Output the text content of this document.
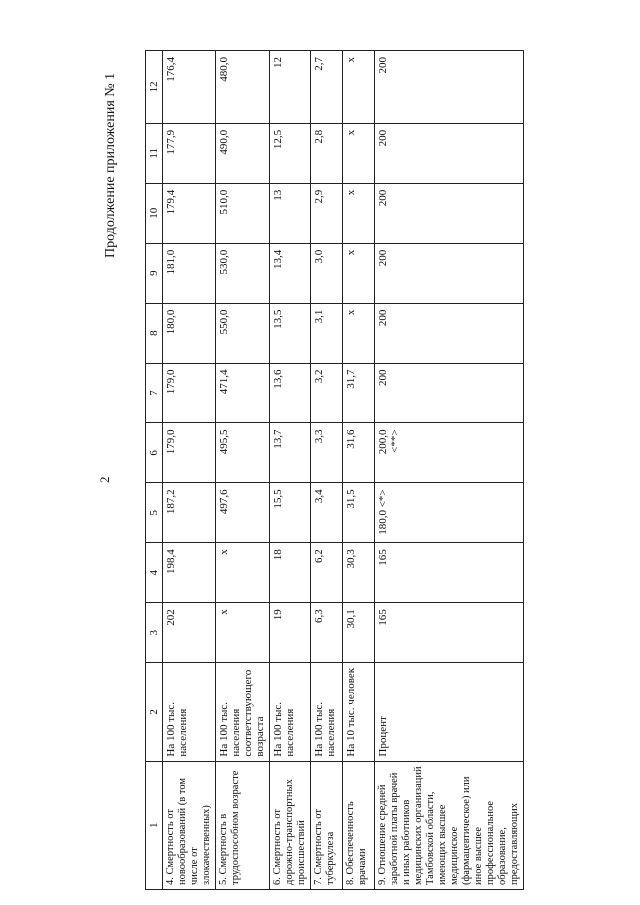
2
Продолжение приложения № 1
1	2	3	4	5	6	7	8	9	10	11	12
4. Смертность от новообразований (в том числе от злокачественных)	На 100 тыс. населения	202	198,4	187,2	179,0	179,0	180,0	181,0	179,4	177,9	176,4
5. Смертность в трудоспособном возрасте	На 100 тыс. населения соответствующего возраста	х	х	497,6	495,5	471,4	550,0	530,0	510,0	490,0	480,0
6. Смертность от дорожно-транспортных происшествий	На 100 тыс. населения	19	18	15,5	13,7	13,6	13,5	13,4	13	12,5	12
7. Смертность от туберкулеза	На 100 тыс. населения	6,3	6,2	3,4	3,3	3,2	3,1	3,0	2,9	2,8	2,7
8. Обеспеченность врачами	На 10 тыс. человек	30,1	30,3	31,5	31,6	31,7	х	х	х	х	х
9. Отношение средней заработной платы врачей и иных работников медицинских организаций Тамбовской области, имеющих высшее медицинское (фармацевтическое) или иное высшее профессиональное образование, предоставляющих	Процент	165	165	180,0 <*>	200,0 <**>	200	200	200	200	200	200
